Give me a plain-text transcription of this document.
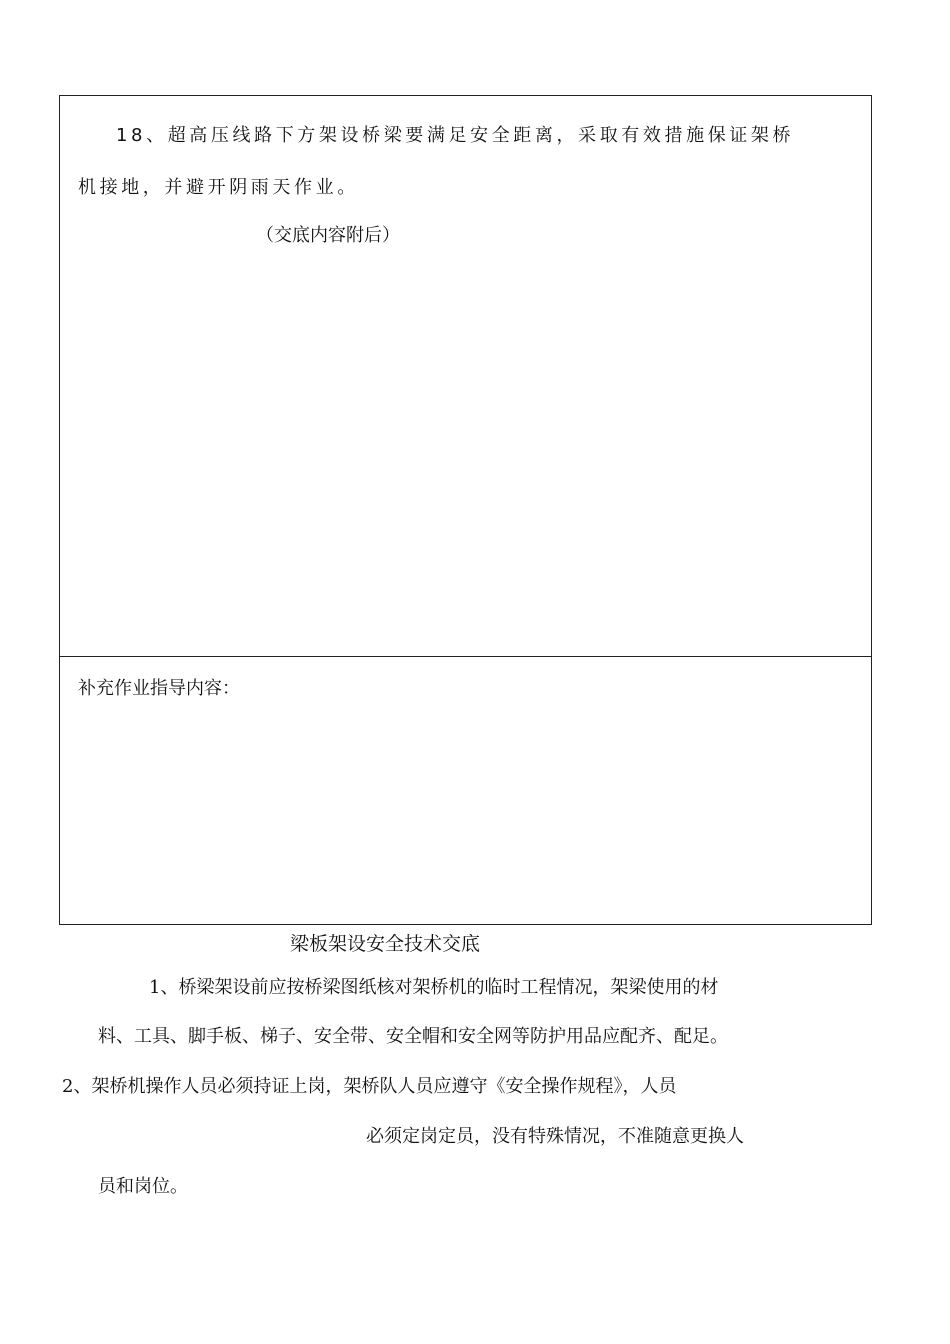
18、超高压线路下方架设桥梁要满足安全距离，采取有效措施保证架桥
机接地，并避开阴雨天作业。
（交底内容附后）
补充作业指导内容：
梁板架设安全技术交底
1、桥梁架设前应按桥梁图纸核对架桥机的临时工程情况，架梁使用的材
料、工具、脚手板、梯子、安全带、安全帽和安全网等防护用品应配齐、配足。
2、架桥机操作人员必须持证上岗，架桥队人员应遵守《安全操作规程》，人员
必须定岗定员，没有特殊情况，不准随意更换人
员和岗位。
